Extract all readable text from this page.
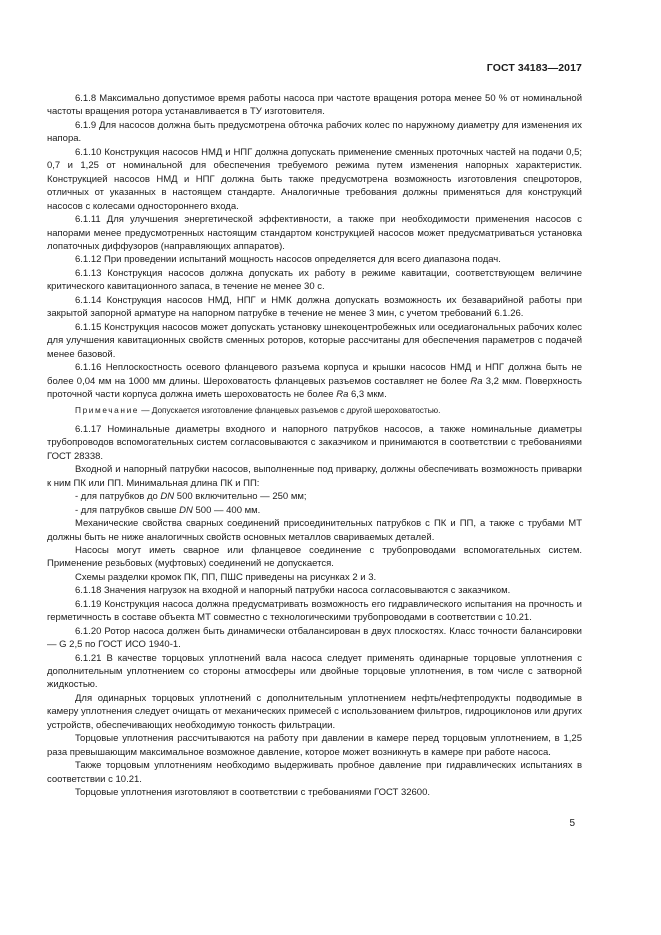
ГОСТ 34183—2017

6.1.8 Максимально допустимое время работы насоса при частоте вращения ротора менее 50 % от номинальной частоты вращения ротора устанавливается в ТУ изготовителя.

6.1.9 Для насосов должна быть предусмотрена обточка рабочих колес по наружному диаметру для изменения их напора.

6.1.10 Конструкция насосов НМД и НПГ должна допускать применение сменных проточных частей на подачи 0,5; 0,7 и 1,25 от номинальной для обеспечения требуемого режима путем изменения напорных характеристик. Конструкцией насосов НМД и НПГ должна быть также предусмотрена возможность изготовления спецроторов, отличных от указанных в настоящем стандарте. Аналогичные требования должны применяться для конструкций насосов с колесами одностороннего входа.

6.1.11 Для улучшения энергетической эффективности, а также при необходимости применения насосов с напорами менее предусмотренных настоящим стандартом конструкцией насосов может предусматриваться установка лопаточных диффузоров (направляющих аппаратов).

6.1.12 При проведении испытаний мощность насосов определяется для всего диапазона подач.

6.1.13 Конструкция насосов должна допускать их работу в режиме кавитации, соответствующем величине критического кавитационного запаса, в течение не менее 30 с.

6.1.14 Конструкция насосов НМД, НПГ и НМК должна допускать возможность их безаварийной работы при закрытой запорной арматуре на напорном патрубке в течение не менее 3 мин, с учетом требований 6.1.26.

6.1.15 Конструкция насосов может допускать установку шнекоцентробежных или оседиагональных рабочих колес для улучшения кавитационных свойств сменных роторов, которые рассчитаны для обеспечения параметров с подачей менее базовой.

6.1.16 Неплоскостность осевого фланцевого разъема корпуса и крышки насосов НМД и НПГ должна быть не более 0,04 мм на 1000 мм длины. Шероховатость фланцевых разъемов составляет не более Ra 3,2 мкм. Поверхность проточной части корпуса должна иметь шероховатость не более Ra 6,3 мкм.

Примечание — Допускается изготовление фланцевых разъемов с другой шероховатостью.

6.1.17 Номинальные диаметры входного и напорного патрубков насосов, а также номинальные диаметры трубопроводов вспомогательных систем согласовываются с заказчиком и принимаются в соответствии с требованиями ГОСТ 28338.

Входной и напорный патрубки насосов, выполненные под приварку, должны обеспечивать возможность приварки к ним ПК или ПП. Минимальная длина ПК и ПП:

- для патрубков до DN 500 включительно — 250 мм;

- для патрубков свыше DN 500 — 400 мм.

Механические свойства сварных соединений присоединительных патрубков с ПК и ПП, а также с трубами МТ должны быть не ниже аналогичных свойств основных металлов свариваемых деталей.

Насосы могут иметь сварное или фланцевое соединение с трубопроводами вспомогательных систем. Применение резьбовых (муфтовых) соединений не допускается.

Схемы разделки кромок ПК, ПП, ПШС приведены на рисунках 2 и 3.

6.1.18 Значения нагрузок на входной и напорный патрубки насоса согласовываются с заказчиком.

6.1.19 Конструкция насоса должна предусматривать возможность его гидравлического испытания на прочность и герметичность в составе объекта МТ совместно с технологическими трубопроводами в соответствии с 10.21.

6.1.20 Ротор насоса должен быть динамически отбалансирован в двух плоскостях. Класс точности балансировки — G 2,5 по ГОСТ ИСО 1940-1.

6.1.21 В качестве торцовых уплотнений вала насоса следует применять одинарные торцовые уплотнения с дополнительным уплотнением со стороны атмосферы или двойные торцовые уплотнения, в том числе с затворной жидкостью.

Для одинарных торцовых уплотнений с дополнительным уплотнением нефть/нефтепродукты подводимые в камеру уплотнения следует очищать от механических примесей с использованием фильтров, гидроциклонов или других устройств, обеспечивающих необходимую тонкость фильтрации.

Торцовые уплотнения рассчитываются на работу при давлении в камере перед торцовым уплотнением, в 1,25 раза превышающим максимальное возможное давление, которое может возникнуть в камере при работе насоса.

Также торцовым уплотнениям необходимо выдерживать пробное давление при гидравлических испытаниях в соответствии с 10.21.

Торцовые уплотнения изготовляют в соответствии с требованиями ГОСТ 32600.

5
